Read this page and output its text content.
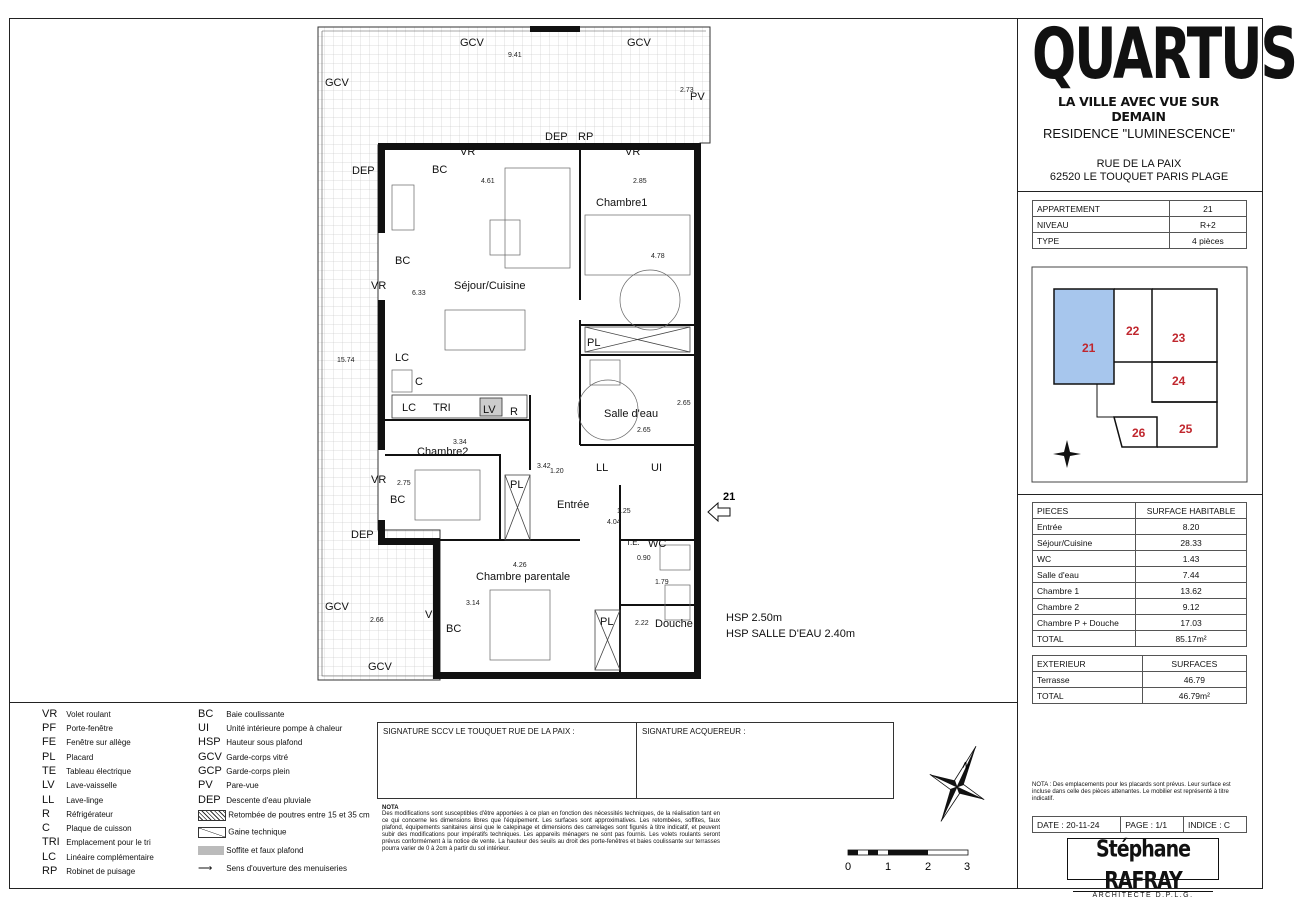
GCV	GCV
GCV
PV
DEP RP
VR	VR
DEP	BC
BC
VR	Séjour/Cuisine
Chambre1
PL
LC
C
LC TRI	LV R	Salle d'eau
Chambre2
VR
BC
DEP
PL
Entrée
LL	UI
WC
T.E.
Chambre parentale
GCV
VR
BC
PL	Douche
GCV
9.41
2.73
4.61
6.33
2.85
4.78
15.74
3.34
2.75
2.65
2.65
3.42
1.20
4.04
1.25
4.26
3.14
2.66
1.79
2.22
0.90
21
HSP 2.50m
HSP SALLE D'EAU 2.40m
QUARTUS
LA VILLE AVEC VUE SUR DEMAIN
RESIDENCE "LUMINESCENCE"
RUE DE LA PAIX
62520 LE TOUQUET PARIS PLAGE
APPARTEMENT	21
NIVEAU	R+2
TYPE	4 pièces
21
22	23
24
25
26
PIECES	SURFACE HABITABLE
Entrée	8.20
Séjour/Cuisine	28.33
WC	1.43
Salle d'eau	7.44
Chambre 1	13.62
Chambre 2	9.12
Chambre P + Douche	17.03
TOTAL	85.17m²
EXTERIEUR	SURFACES
Terrasse	46.79
TOTAL	46.79m²
NOTA : Des emplacements pour les placards sont prévus. Leur surface est incluse dans celle des pièces attenantes. Le mobilier est représenté à titre indicatif.
DATE : 20-11-24	PAGE : 1/1	INDICE : C
Stéphane RAFRAY
ARCHITECTE D.P.L.G.
VR Volet roulant
PF Porte-fenêtre
FE Fenêtre sur allège
PL Placard
TE Tableau électrique
LV Lave-vaisselle
LL Lave-linge
R Réfrigérateur
C Plaque de cuisson
TRI Emplacement pour le tri
LC Linéaire complémentaire
RP Robinet de puisage
BC Baie coulissante
UI Unité intérieure pompe à chaleur
HSP Hauteur sous plafond
GCV Garde-corps vitré
GCP Garde-corps plein
PV Pare-vue
DEP Descente d'eau pluviale
Retombée de poutres entre 15 et 35 cm
Gaine technique
Soffite et faux plafond
⟶ Sens d'ouverture des menuiseries
SIGNATURE SCCV LE TOUQUET RUE DE LA PAIX :	SIGNATURE ACQUEREUR :
NOTA
Des modifications sont susceptibles d'être apportées à ce plan en fonction des nécessités techniques, de la réalisation tant en ce qui concerne les dimensions libres que l'équipement. Les surfaces sont approximatives. Les retombées, soffites, faux plafond, équipements sanitaires ainsi que le calepinage et dimensions des carrelages sont figurés à titre indicatif, et peuvent subir des modifications pour impératifs techniques. Les appareils ménagers ne sont pas fournis. Les volets roulants seront prévus conformément à la notice de vente. La hauteur des seuils au droit des porte-fenêtres et baies coulissante sur terrasses pourra varier de 0 à 2cm à partir du sol intérieur.
N
0	1	2	3
